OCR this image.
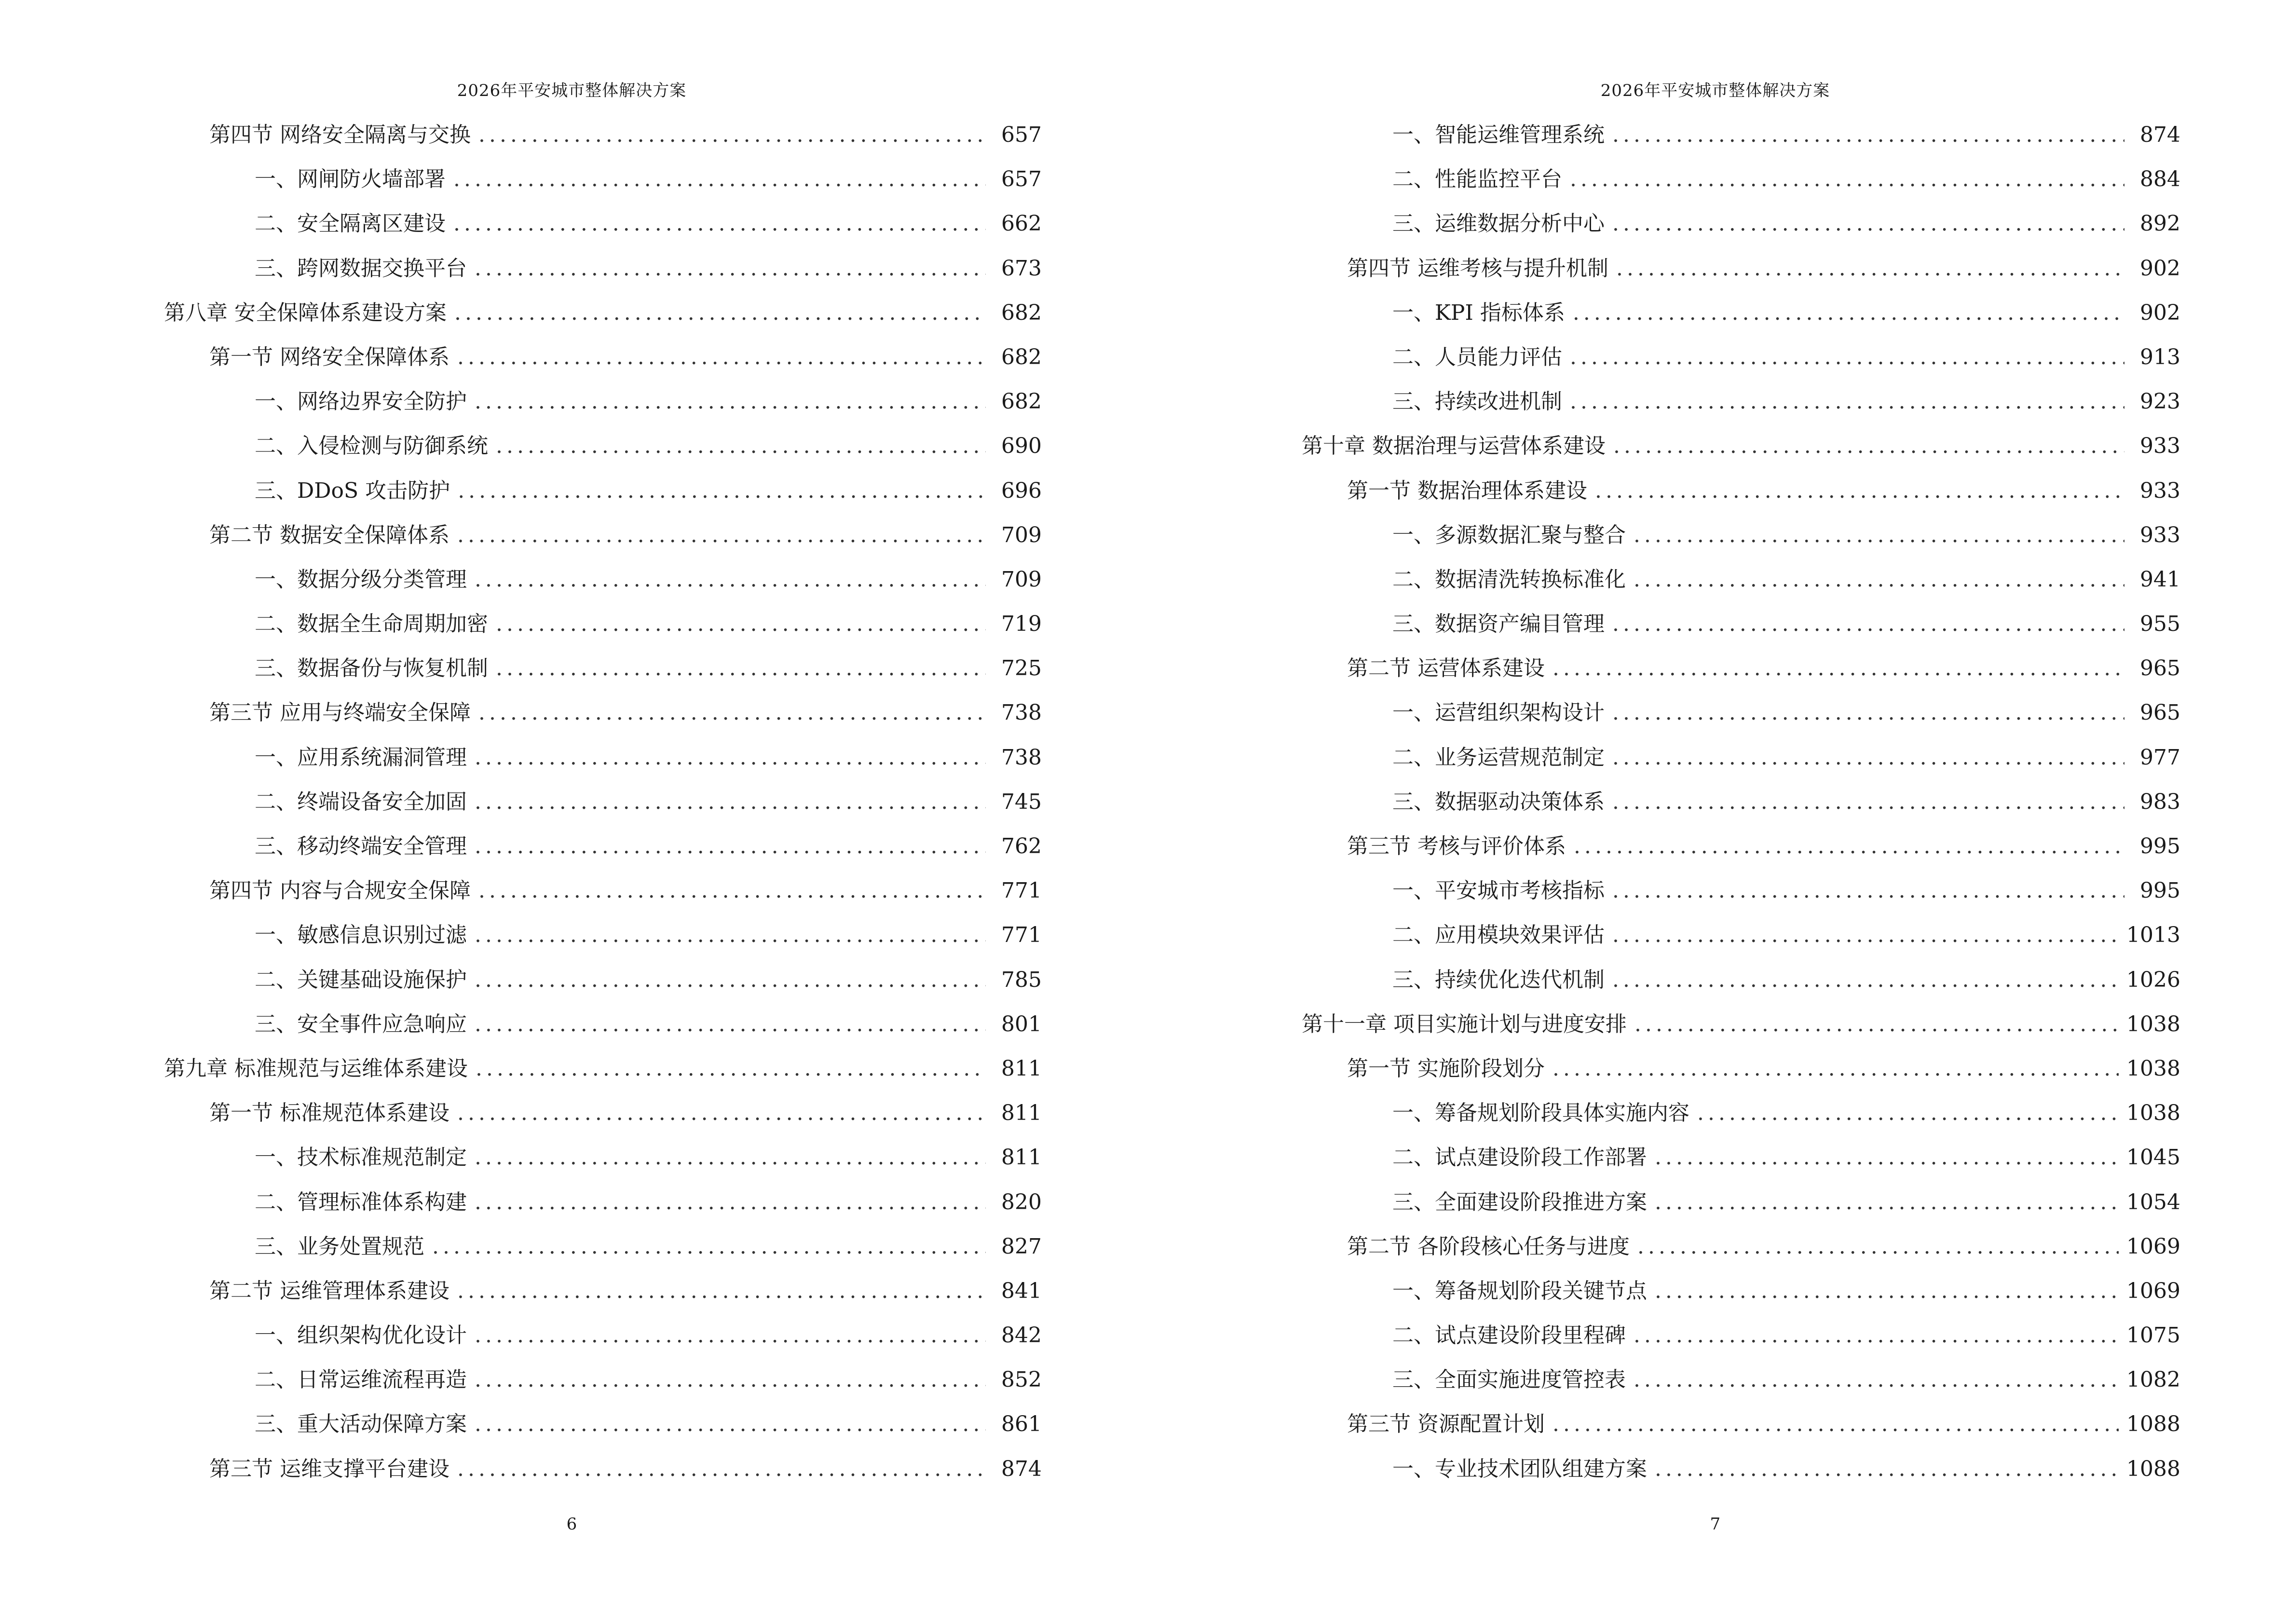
2026年平安城市整体解决方案
第四节 网络安全隔离与交换 .....	657
一、网闸防火墙部署 .....	657
二、安全隔离区建设 .....	662
三、跨网数据交换平台 .....	673
第八章 安全保障体系建设方案 .....	682
第一节 网络安全保障体系 .....	682
一、网络边界安全防护 .....	682
二、入侵检测与防御系统 .....	690
三、DDoS 攻击防护 .....	696
第二节 数据安全保障体系 .....	709
一、数据分级分类管理 .....	709
二、数据全生命周期加密 .....	719
三、数据备份与恢复机制 .....	725
第三节 应用与终端安全保障 .....	738
一、应用系统漏洞管理 .....	738
二、终端设备安全加固 .....	745
三、移动终端安全管理 .....	762
第四节 内容与合规安全保障 .....	771
一、敏感信息识别过滤 .....	771
二、关键基础设施保护 .....	785
三、安全事件应急响应 .....	801
第九章 标准规范与运维体系建设 .....	811
第一节 标准规范体系建设 .....	811
一、技术标准规范制定 .....	811
二、管理标准体系构建 .....	820
三、业务处置规范 .....	827
第二节 运维管理体系建设 .....	841
一、组织架构优化设计 .....	842
二、日常运维流程再造 .....	852
三、重大活动保障方案 .....	861
第三节 运维支撑平台建设 .....	874
6
2026年平安城市整体解决方案
一、智能运维管理系统 .....	874
二、性能监控平台 .....	884
三、运维数据分析中心 .....	892
第四节 运维考核与提升机制 .....	902
一、KPI 指标体系 .....	902
二、人员能力评估 .....	913
三、持续改进机制 .....	923
第十章 数据治理与运营体系建设 .....	933
第一节 数据治理体系建设 .....	933
一、多源数据汇聚与整合 .....	933
二、数据清洗转换标准化 .....	941
三、数据资产编目管理 .....	955
第二节 运营体系建设 .....	965
一、运营组织架构设计 .....	965
二、业务运营规范制定 .....	977
三、数据驱动决策体系 .....	983
第三节 考核与评价体系 .....	995
一、平安城市考核指标 .....	995
二、应用模块效果评估 .....	1013
三、持续优化迭代机制 .....	1026
第十一章 项目实施计划与进度安排 .....	1038
第一节 实施阶段划分 .....	1038
一、筹备规划阶段具体实施内容 .....	1038
二、试点建设阶段工作部署 .....	1045
三、全面建设阶段推进方案 .....	1054
第二节 各阶段核心任务与进度 .....	1069
一、筹备规划阶段关键节点 .....	1069
二、试点建设阶段里程碑 .....	1075
三、全面实施进度管控表 .....	1082
第三节 资源配置计划 .....	1088
一、专业技术团队组建方案 .....	1088
7
